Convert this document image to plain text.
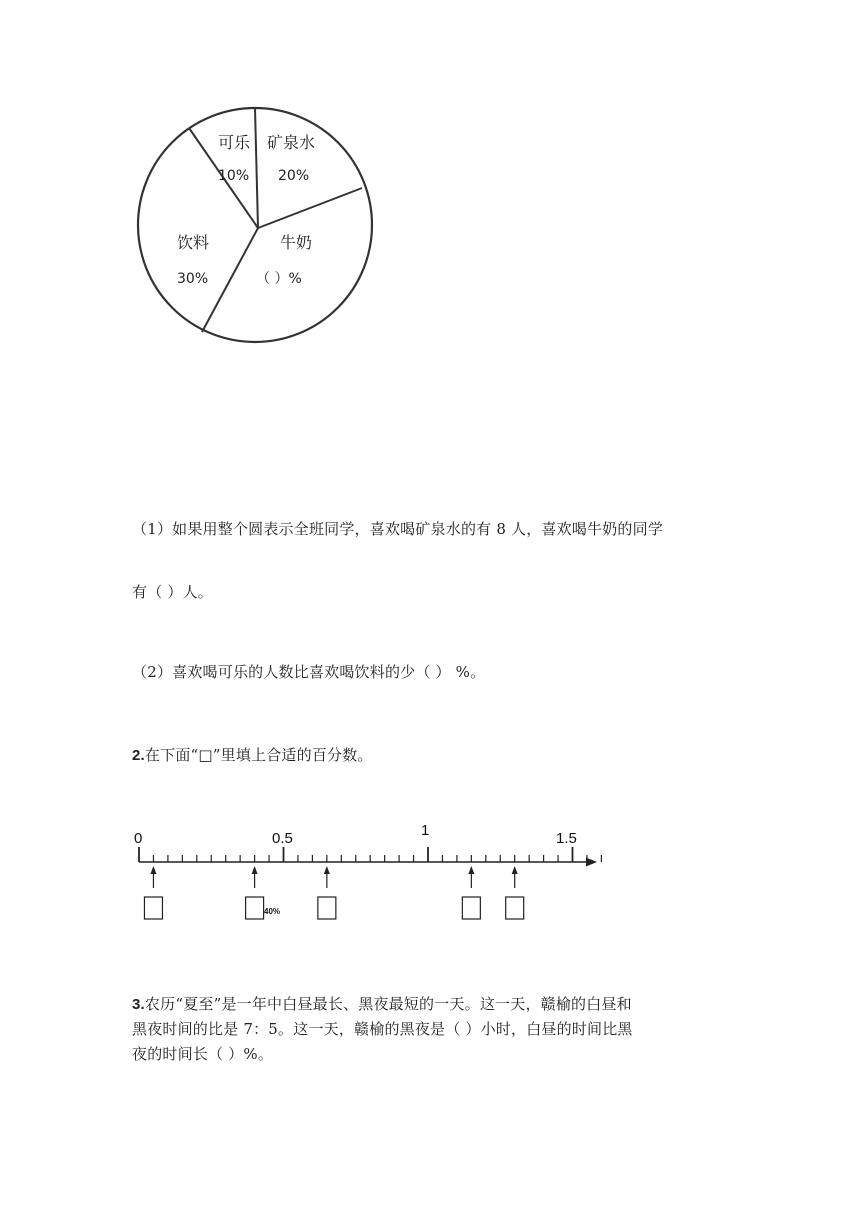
可乐
10%
矿泉水
20%
牛奶
（ ）%
饮料
30%
（1）如果用整个圆表示全班同学，喜欢喝矿泉水的有 8 人，喜欢喝牛奶的同学
有（ ）人。
（2）喜欢喝可乐的人数比喜欢喝饮料的少（ ） %。
2.在下面“□”里填上合适的百分数。
0	0.5	1	1.5
40%
3.农历“夏至”是一年中白昼最长、黑夜最短的一天。这一天，赣榆的白昼和
黑夜时间的比是 7：5。这一天，赣榆的黑夜是（ ）小时，白昼的时间比黑
夜的时间长（ ）%。
